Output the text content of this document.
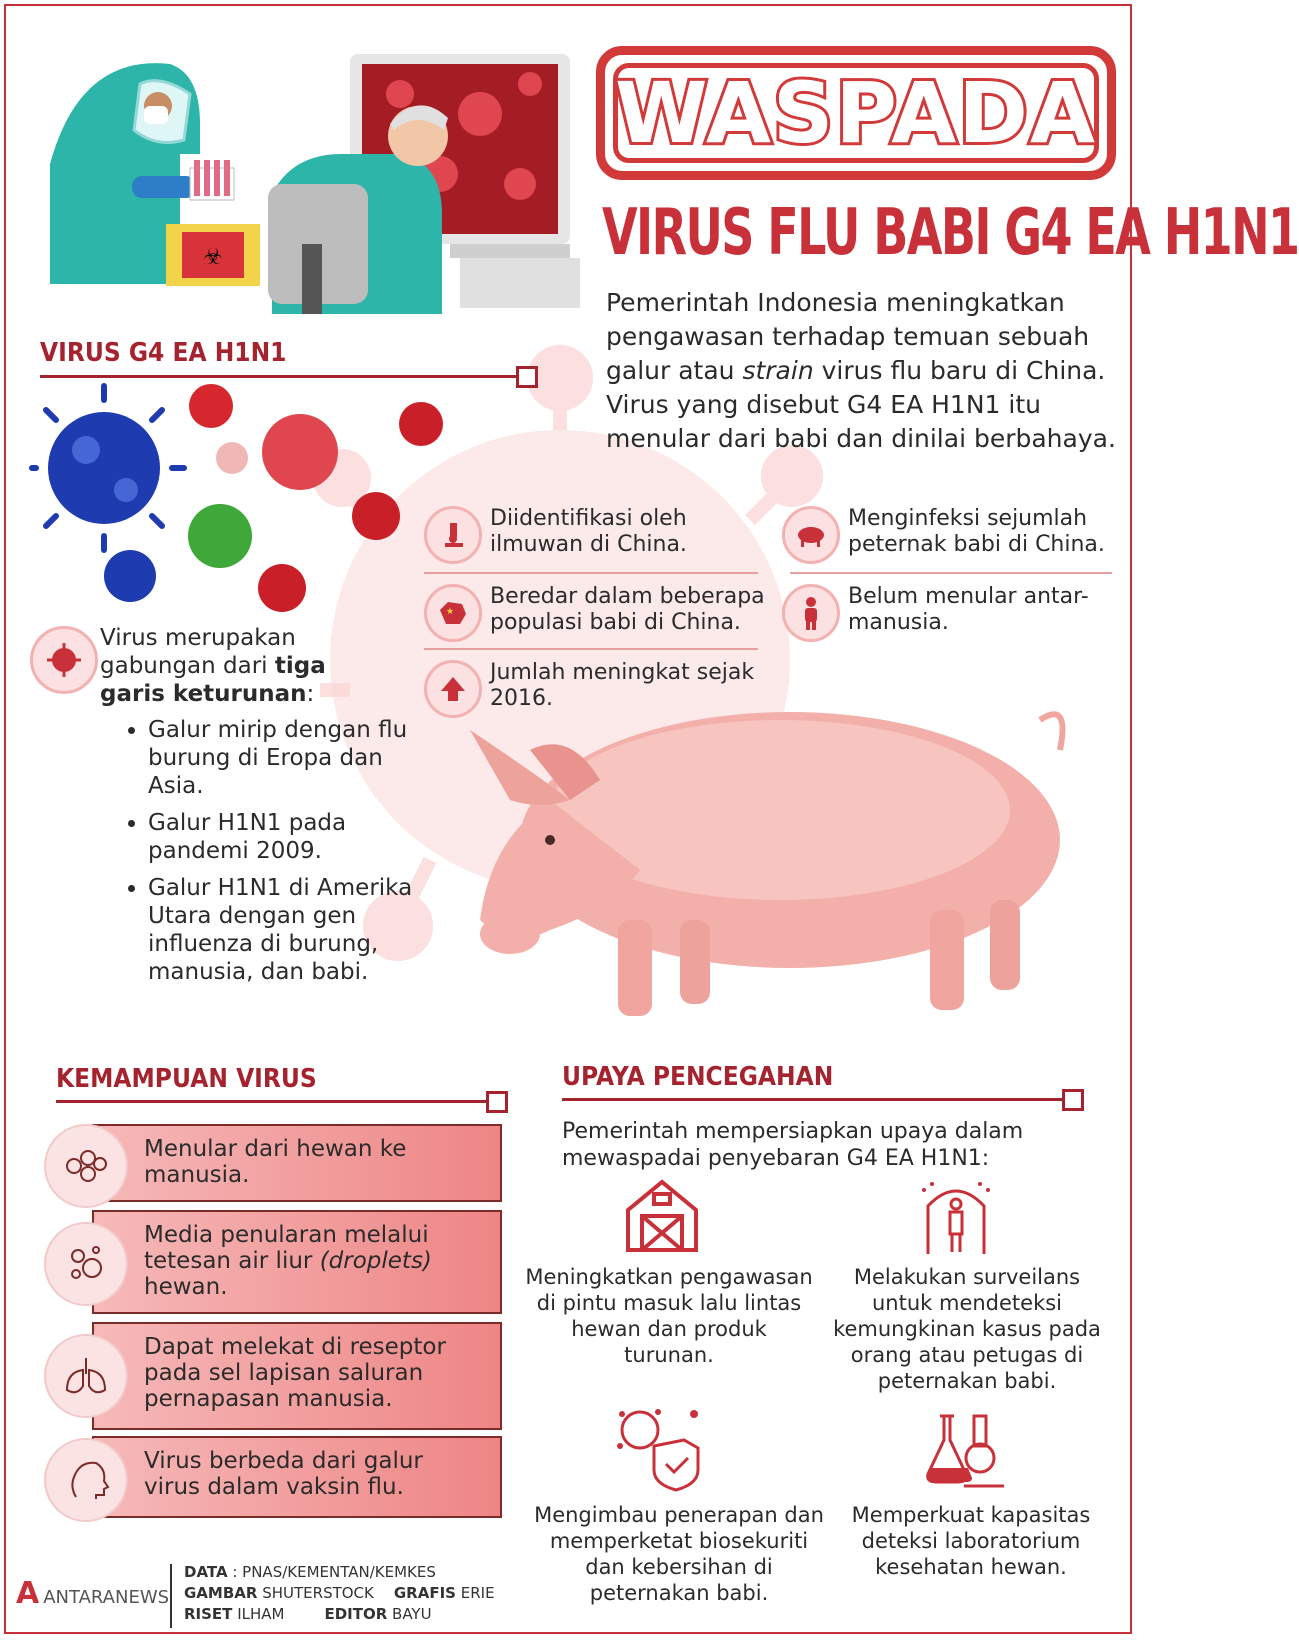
☣
WASPADA
VIRUS FLU BABI G4 EA H1N1
Pemerintah Indonesia meningkatkan pengawasan terhadap temuan sebuah galur atau strain virus flu baru di China. Virus yang disebut G4 EA H1N1 itu menular dari babi dan dinilai berbahaya.
VIRUS G4 EA H1N1
Virus merupakan gabungan dari tiga garis keturunan:
• Galur mirip dengan flu burung di Eropa dan Asia.
• Galur H1N1 pada pandemi 2009.
• Galur H1N1 di Amerika Utara dengan gen influenza di burung, manusia, dan babi.
Diidentifikasi oleh ilmuwan di China.
★
Beredar dalam beberapa populasi babi di China.
Jumlah meningkat sejak 2016.
Menginfeksi sejumlah peternak babi di China.
Belum menular antar-manusia.
KEMAMPUAN VIRUS
Menular dari hewan ke manusia.
Media penularan melalui tetesan air liur (droplets) hewan.
Dapat melekat di reseptor pada sel lapisan saluran pernapasan manusia.
Virus berbeda dari galur virus dalam vaksin flu.
UPAYA PENCEGAHAN
Pemerintah mempersiapkan upaya dalam mewaspadai penyebaran G4 EA H1N1:
Meningkatkan pengawasan di pintu masuk lalu lintas hewan dan produk turunan.
Melakukan surveilans untuk mendeteksi kemungkinan kasus pada orang atau petugas di peternakan babi.
Mengimbau penerapan dan memperketat biosekuriti dan kebersihan di peternakan babi.
Memperkuat kapasitas deteksi laboratorium kesehatan hewan.
AANTARANEWS
DATA : PNAS/KEMENTAN/KEMKES
GAMBAR SHUTERSTOCK GRAFIS ERIE
RISET ILHAM	EDITOR BAYU
